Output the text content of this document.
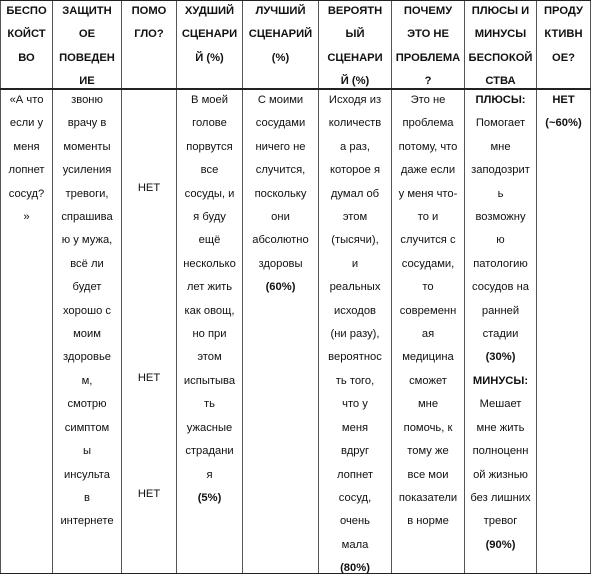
БЕСПО
КОЙСТ
ВО
ЗАЩИТН
ОЕ
ПОВЕДЕН
ИЕ
ПОМО
ГЛО?
ХУДШИЙ
СЦЕНАРИ
Й (%)
ЛУЧШИЙ
СЦЕНАРИЙ
(%)
ВЕРОЯТН
ЫЙ
СЦЕНАРИ
Й (%)
ПОЧЕМУ
ЭТО НЕ
ПРОБЛЕМА
?
ПЛЮСЫ И
МИНУСЫ
БЕСПОКОЙ
СТВА
ПРОДУ
КТИВН
ОЕ?
«А что
если у
меня
лопнет
сосуд?
»
звоню
врачу в
моменты
усиления
тревоги,
спрашива
ю у мужа,
всё ли
будет
хорошо с
моим
здоровье
м,
смотрю
симптом
ы
инсульта
в
интернете
НЕТ
НЕТ
НЕТ
В моей
голове
порвутся
все
сосуды, и
я буду
ещё
несколько
лет жить
как овощ,
но при
этом
испытыва
ть
ужасные
страдани
я
(5%)
С моими
сосудами
ничего не
случится,
поскольку
они
абсолютно
здоровы
(60%)
Исходя из
количеств
а раз,
которое я
думал об
этом
(тысячи),
и
реальных
исходов
(ни разу),
вероятнос
ть того,
что у
меня
вдруг
лопнет
сосуд,
очень
мала
(80%)
Это не
проблема
потому, что
даже если
у меня что-
то и
случится с
сосудами,
то
современн
ая
медицина
сможет
мне
помочь, к
тому же
все мои
показатели
в норме
ПЛЮСЫ:
Помогает
мне
заподозрит
ь
возможну
ю
патологию
сосудов на
ранней
стадии
(30%)
МИНУСЫ:
Мешает
мне жить
полноценн
ой жизнью
без лишних
тревог
(90%)
НЕТ
(~60%)
